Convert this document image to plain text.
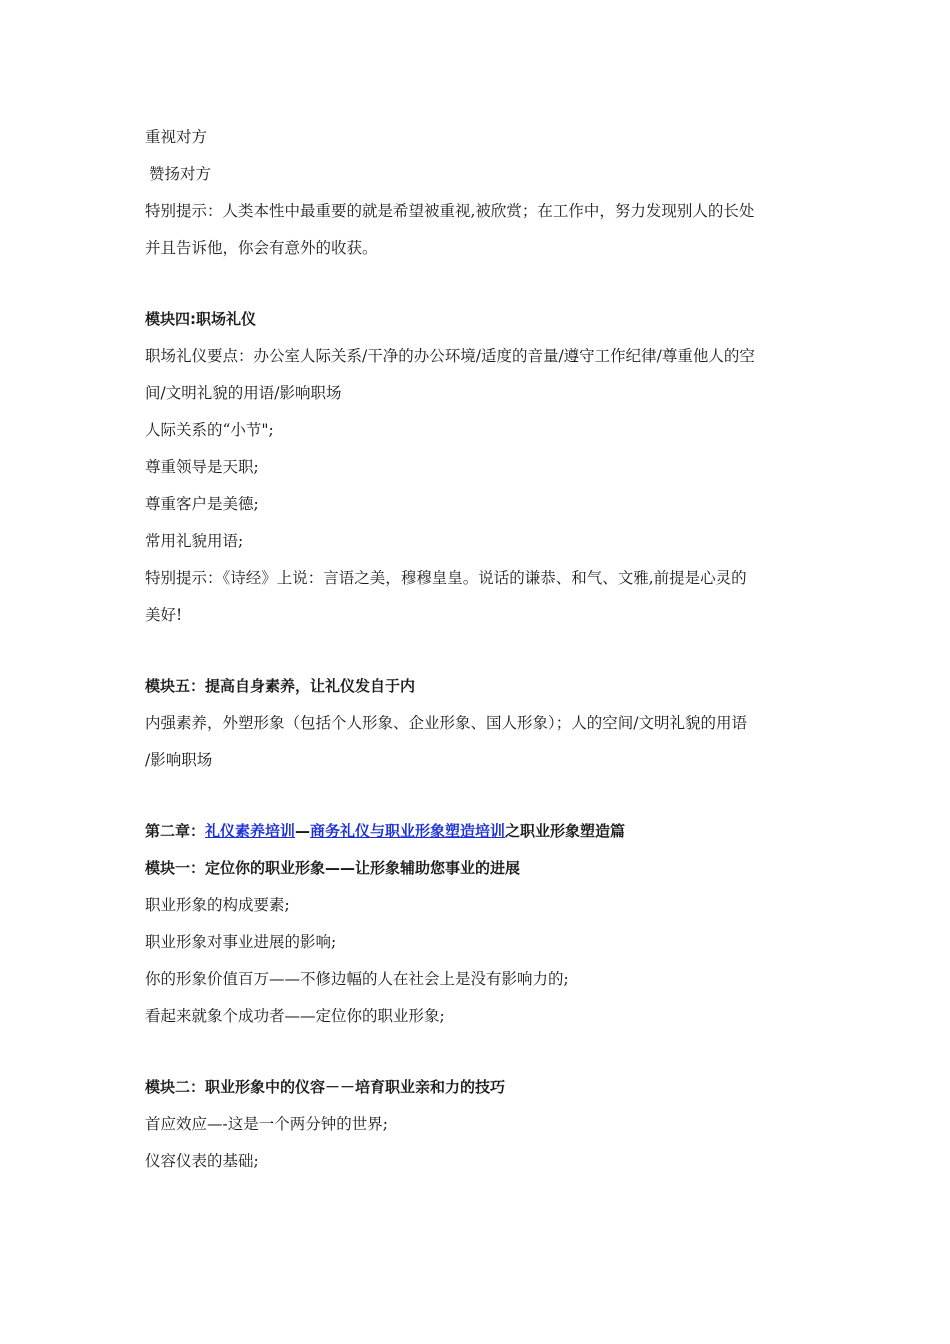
重视对方
赞扬对方
特别提示：人类本性中最重要的就是希望被重视,被欣赏；在工作中，努力发现别人的长处
并且告诉他，你会有意外的收获。
模块四:职场礼仪
职场礼仪要点：办公室人际关系/干净的办公环境/适度的音量/遵守工作纪律/尊重他人的空
间/文明礼貌的用语/影响职场
人际关系的“小节";
尊重领导是天职;
尊重客户是美德;
常用礼貌用语;
特别提示：《诗经》上说：言语之美，穆穆皇皇。说话的谦恭、和气、文雅,前提是心灵的
美好!
模块五：提高自身素养，让礼仪发自于内
内强素养，外塑形象（包括个人形象、企业形象、国人形象）；人的空间/文明礼貌的用语
/影响职场
第二章：礼仪素养培训—商务礼仪与职业形象塑造培训之职业形象塑造篇
模块一：定位你的职业形象——让形象辅助您事业的进展
职业形象的构成要素;
职业形象对事业进展的影响;
你的形象价值百万——不修边幅的人在社会上是没有影响力的;
看起来就象个成功者——定位你的职业形象;
模块二：职业形象中的仪容－－培育职业亲和力的技巧
首应效应—-这是一个两分钟的世界;
仪容仪表的基础;
